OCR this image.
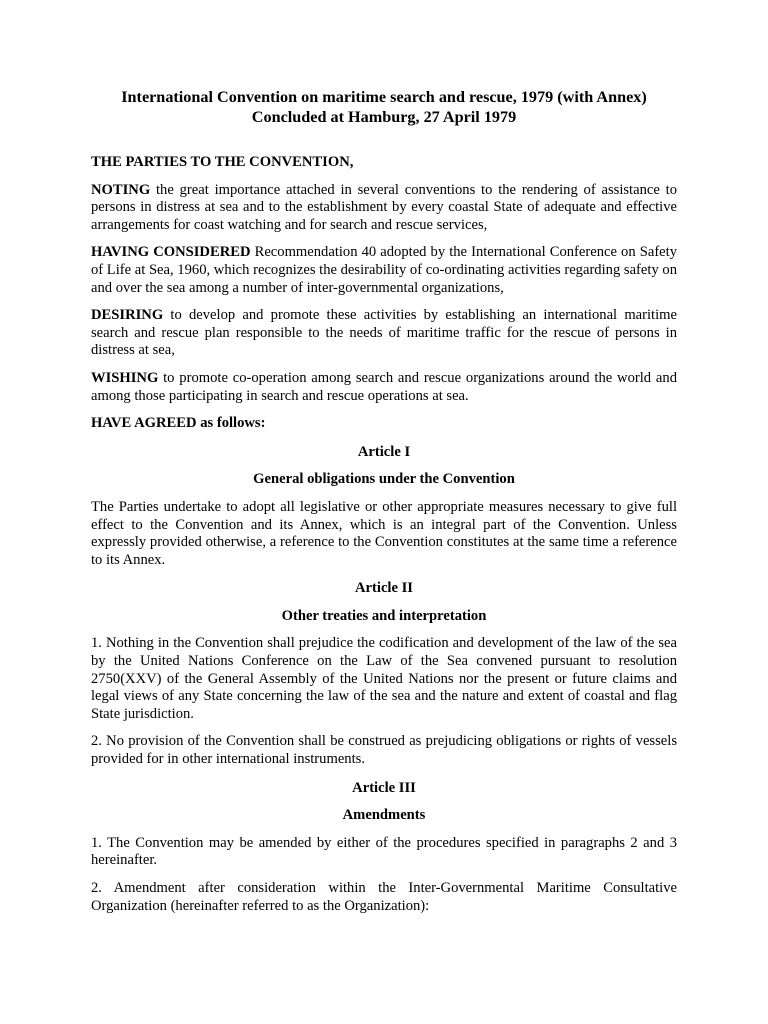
International Convention on maritime search and rescue, 1979 (with Annex) Concluded at Hamburg, 27 April 1979

THE PARTIES TO THE CONVENTION,

NOTING the great importance attached in several conventions to the rendering of assistance to persons in distress at sea and to the establishment by every coastal State of adequate and effective arrangements for coast watching and for search and rescue services,

HAVING CONSIDERED Recommendation 40 adopted by the International Conference on Safety of Life at Sea, 1960, which recognizes the desirability of co-ordinating activities regarding safety on and over the sea among a number of inter-governmental organizations,

DESIRING to develop and promote these activities by establishing an international maritime search and rescue plan responsible to the needs of maritime traffic for the rescue of persons in distress at sea,

WISHING to promote co-operation among search and rescue organizations around the world and among those participating in search and rescue operations at sea.

HAVE AGREED as follows:

Article I

General obligations under the Convention

The Parties undertake to adopt all legislative or other appropriate measures necessary to give full effect to the Convention and its Annex, which is an integral part of the Convention. Unless expressly provided otherwise, a reference to the Convention constitutes at the same time a reference to its Annex.

Article II

Other treaties and interpretation

1. Nothing in the Convention shall prejudice the codification and development of the law of the sea by the United Nations Conference on the Law of the Sea convened pursuant to resolution 2750(XXV) of the General Assembly of the United Nations nor the present or future claims and legal views of any State concerning the law of the sea and the nature and extent of coastal and flag State jurisdiction.

2. No provision of the Convention shall be construed as prejudicing obligations or rights of vessels provided for in other international instruments.

Article III

Amendments

1. The Convention may be amended by either of the procedures specified in paragraphs 2 and 3 hereinafter.

2. Amendment after consideration within the Inter-Governmental Maritime Consultative Organization (hereinafter referred to as the Organization):
